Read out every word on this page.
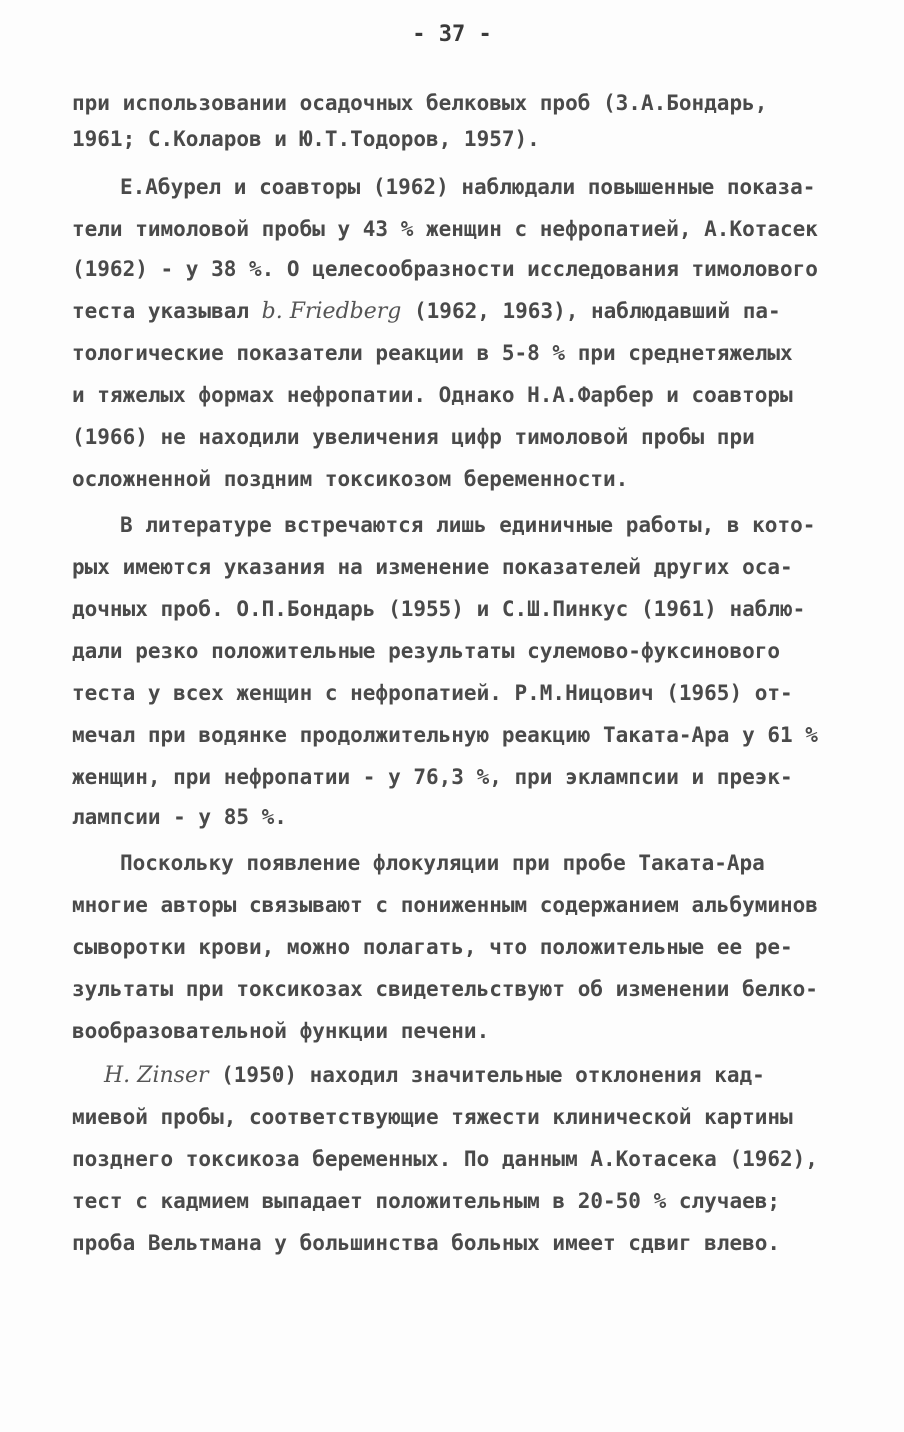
- 37 -
при использовании осадочных белковых проб (З.А.Бондарь,
1961; С.Коларов и Ю.Т.Тодоров, 1957).
Е.Абурел и соавторы (1962) наблюдали повышенные показа-
тели тимоловой пробы у 43 % женщин с нефропатией, А.Котасек
(1962) - у 38 %. О целесообразности исследования тимолового
теста указывал b. Friedberg (1962, 1963), наблюдавший па-
тологические показатели реакции в 5-8 % при среднетяжелых
и тяжелых формах нефропатии. Однако Н.А.Фарбер и соавторы
(1966) не находили увеличения цифр тимоловой пробы при
осложненной поздним токсикозом беременности.
В литературе встречаются лишь единичные работы, в кото-
рых имеются указания на изменение показателей других оса-
дочных проб. О.П.Бондарь (1955) и С.Ш.Пинкус (1961) наблю-
дали резко положительные результаты сулемово-фуксинового
теста у всех женщин с нефропатией. Р.М.Ницович (1965) от-
мечал при водянке продолжительную реакцию Таката-Ара у 61 %
женщин, при нефропатии - у 76,3 %, при эклампсии и преэк-
лампсии - у 85 %.
Поскольку появление флокуляции при пробе Таката-Ара
многие авторы связывают с пониженным содержанием альбуминов
сыворотки крови, можно полагать, что положительные ее ре-
зультаты при токсикозах свидетельствуют об изменении белко-
вообразовательной функции печени.
H. Zinser (1950) находил значительные отклонения кад-
миевой пробы, соответствующие тяжести клинической картины
позднего токсикоза беременных. По данным А.Котасека (1962),
тест с кадмием выпадает положительным в 20-50 % случаев;
проба Вельтмана у большинства больных имеет сдвиг влево.
